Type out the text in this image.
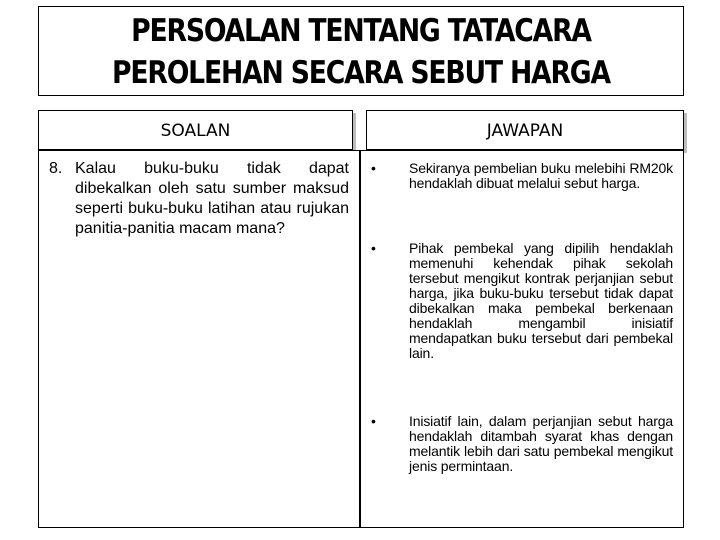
PERSOALAN TENTANG TATACARA
PEROLEHAN SECARA SEBUT HARGA
SOALAN	JAWAPAN
8. Kalau buku-buku tidak dapat dibekalkan oleh satu sumber maksud seperti buku-buku latihan atau rujukan panitia-panitia macam mana?
• Sekiranya pembelian buku melebihi RM20k hendaklah dibuat melalui sebut harga.
• Pihak pembekal yang dipilih hendaklah memenuhi kehendak pihak sekolah tersebut mengikut kontrak perjanjian sebut harga, jika buku-buku tersebut tidak dapat dibekalkan maka pembekal berkenaan hendaklah mengambil inisiatif mendapatkan buku tersebut dari pembekal lain.
• Inisiatif lain, dalam perjanjian sebut harga hendaklah ditambah syarat khas dengan melantik lebih dari satu pembekal mengikut jenis permintaan.
